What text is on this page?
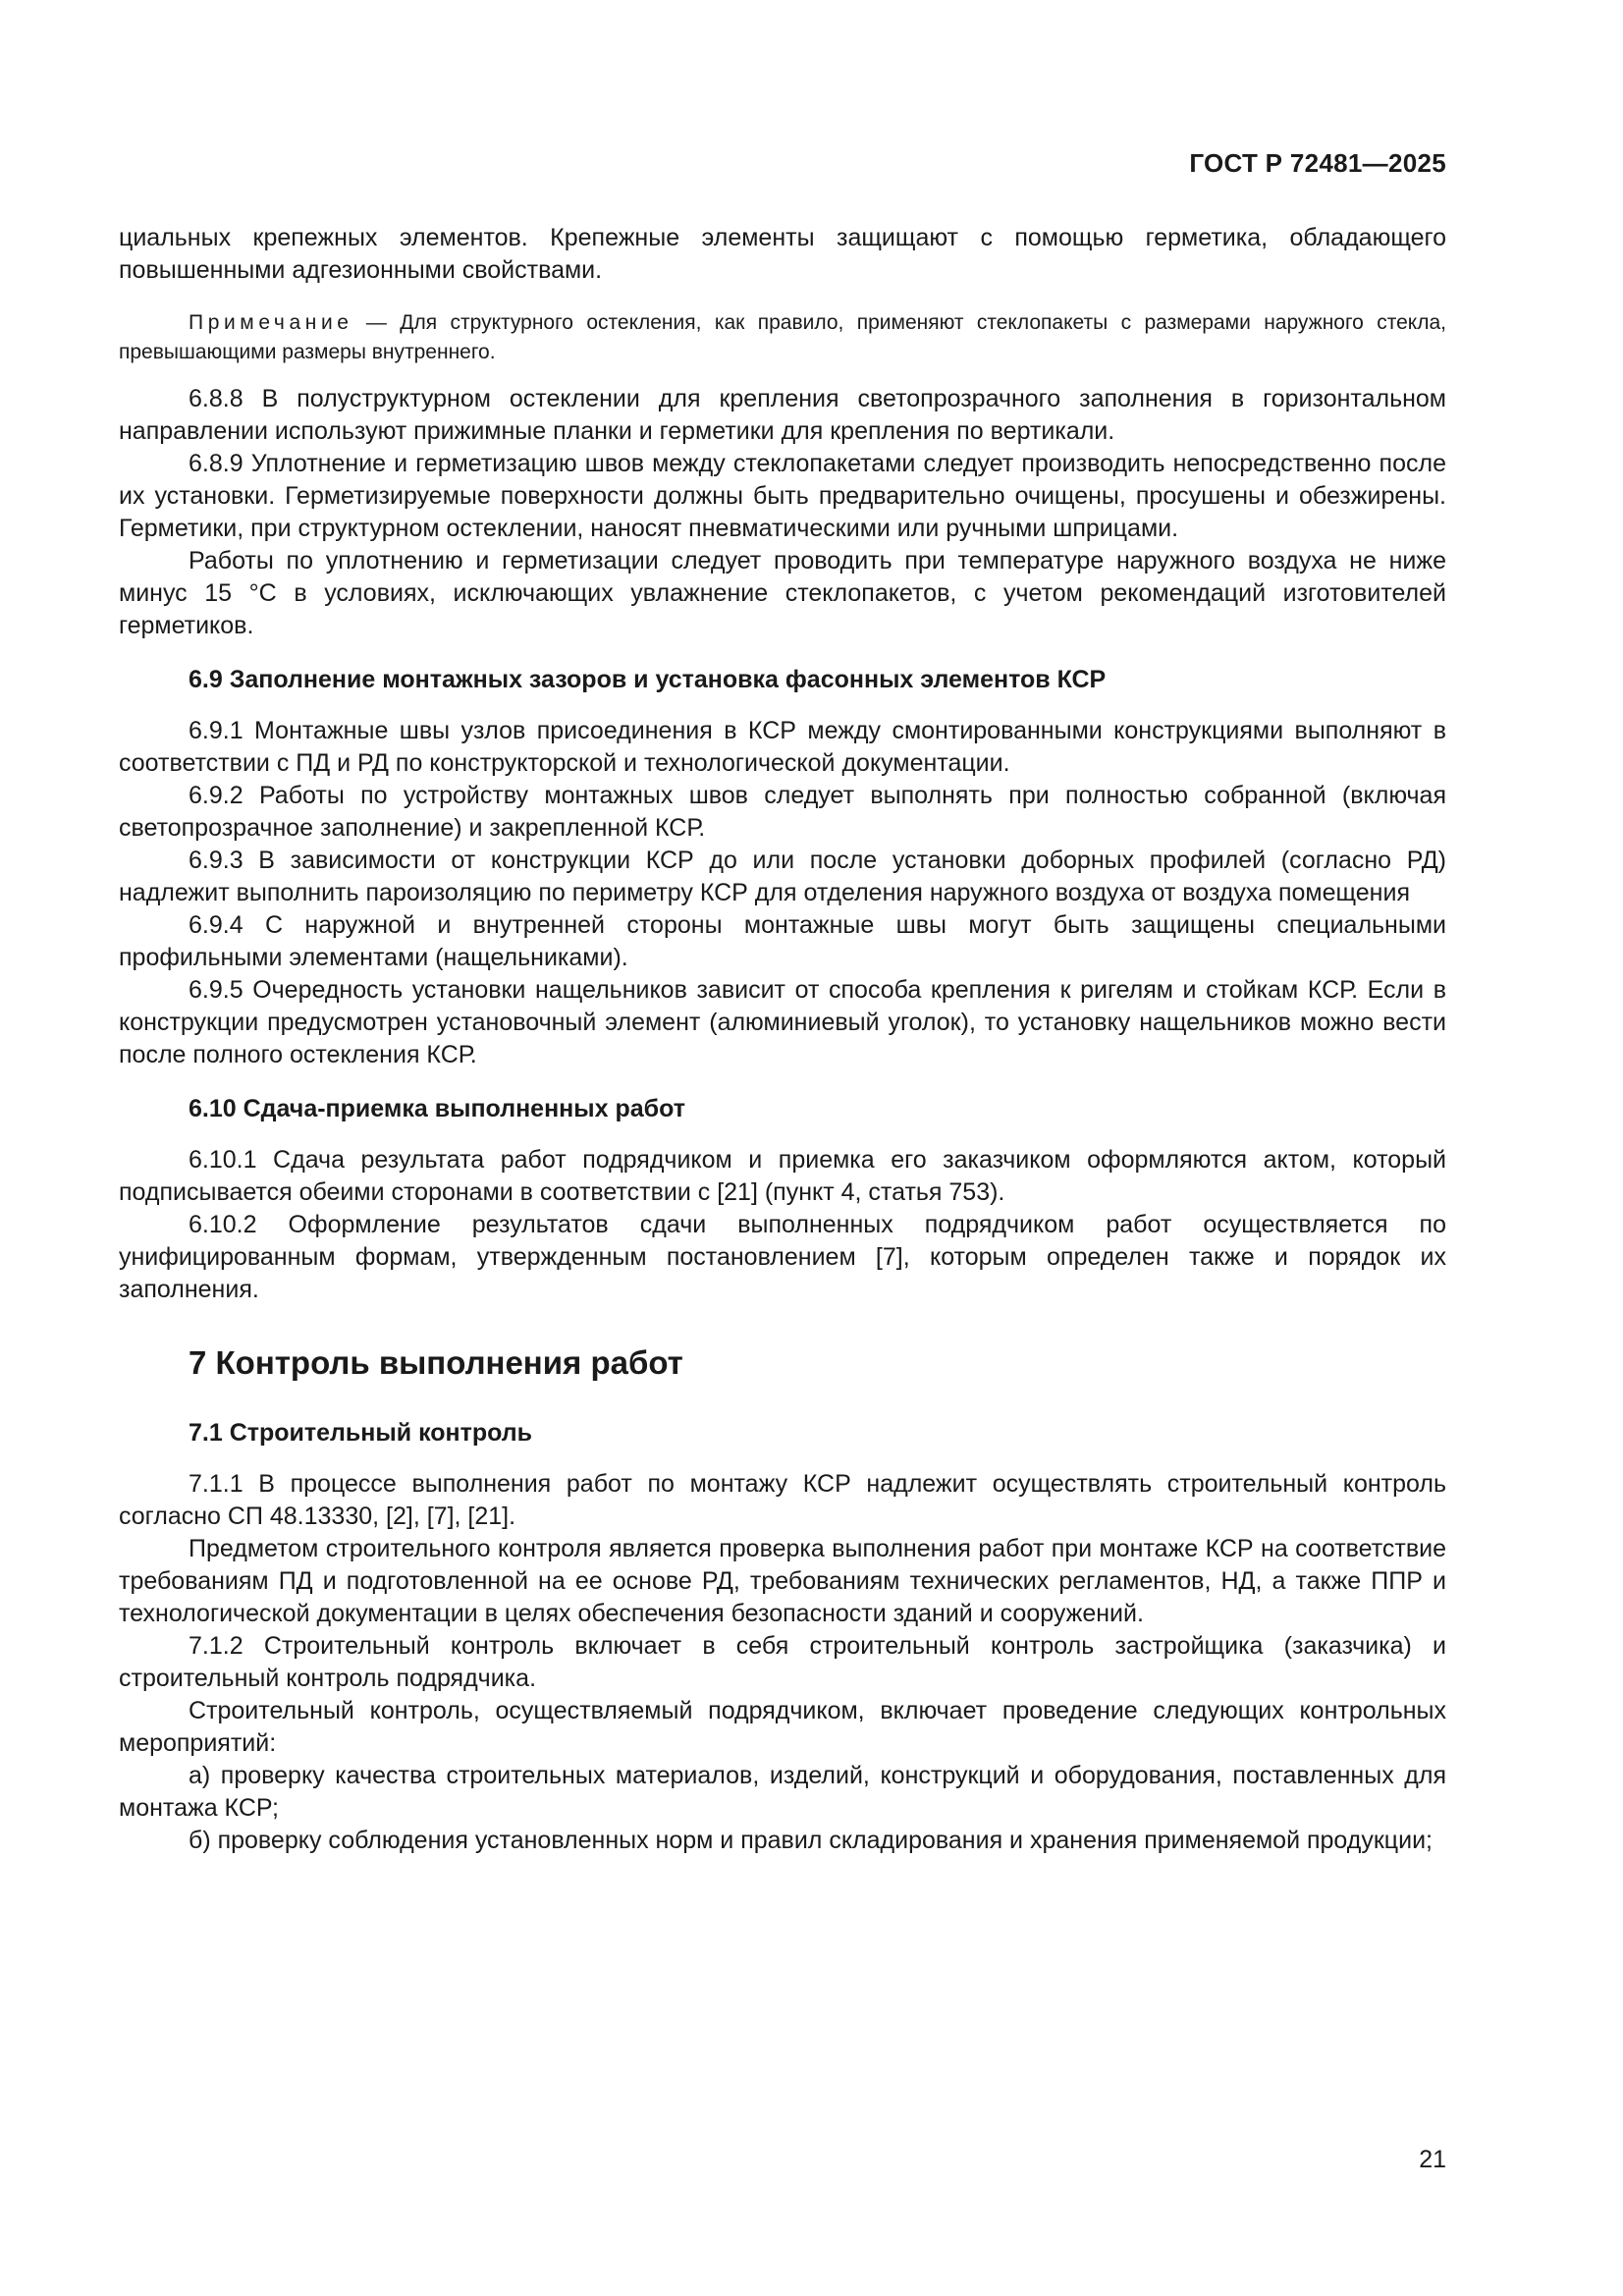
ГОСТ Р 72481—2025

циальных крепежных элементов. Крепежные элементы защищают с помощью герметика, обладающего повышенными адгезионными свойствами.

Примечание — Для структурного остекления, как правило, применяют стеклопакеты с размерами наружного стекла, превышающими размеры внутреннего.

6.8.8 В полуструктурном остеклении для крепления светопрозрачного заполнения в горизонтальном направлении используют прижимные планки и герметики для крепления по вертикали.

6.8.9 Уплотнение и герметизацию швов между стеклопакетами следует производить непосредственно после их установки. Герметизируемые поверхности должны быть предварительно очищены, просушены и обезжирены. Герметики, при структурном остеклении, наносят пневматическими или ручными шприцами.

Работы по уплотнению и герметизации следует проводить при температуре наружного воздуха не ниже минус 15 °С в условиях, исключающих увлажнение стеклопакетов, с учетом рекомендаций изготовителей герметиков.

6.9 Заполнение монтажных зазоров и установка фасонных элементов КСР

6.9.1 Монтажные швы узлов присоединения в КСР между смонтированными конструкциями выполняют в соответствии с ПД и РД по конструкторской и технологической документации.

6.9.2 Работы по устройству монтажных швов следует выполнять при полностью собранной (включая светопрозрачное заполнение) и закрепленной КСР.

6.9.3 В зависимости от конструкции КСР до или после установки доборных профилей (согласно РД) надлежит выполнить пароизоляцию по периметру КСР для отделения наружного воздуха от воздуха помещения

6.9.4 С наружной и внутренней стороны монтажные швы могут быть защищены специальными профильными элементами (нащельниками).

6.9.5 Очередность установки нащельников зависит от способа крепления к ригелям и стойкам КСР. Если в конструкции предусмотрен установочный элемент (алюминиевый уголок), то установку нащельников можно вести после полного остекления КСР.

6.10 Сдача-приемка выполненных работ

6.10.1 Сдача результата работ подрядчиком и приемка его заказчиком оформляются актом, который подписывается обеими сторонами в соответствии с [21] (пункт 4, статья 753).

6.10.2 Оформление результатов сдачи выполненных подрядчиком работ осуществляется по унифицированным формам, утвержденным постановлением [7], которым определен также и порядок их заполнения.

7 Контроль выполнения работ
7.1 Строительный контроль

7.1.1 В процессе выполнения работ по монтажу КСР надлежит осуществлять строительный контроль согласно СП 48.13330, [2], [7], [21].

Предметом строительного контроля является проверка выполнения работ при монтаже КСР на соответствие требованиям ПД и подготовленной на ее основе РД, требованиям технических регламентов, НД, а также ППР и технологической документации в целях обеспечения безопасности зданий и сооружений.

7.1.2 Строительный контроль включает в себя строительный контроль застройщика (заказчика) и строительный контроль подрядчика.

Строительный контроль, осуществляемый подрядчиком, включает проведение следующих контрольных мероприятий:

а) проверку качества строительных материалов, изделий, конструкций и оборудования, поставленных для монтажа КСР;

б) проверку соблюдения установленных норм и правил складирования и хранения применяемой продукции;

21
